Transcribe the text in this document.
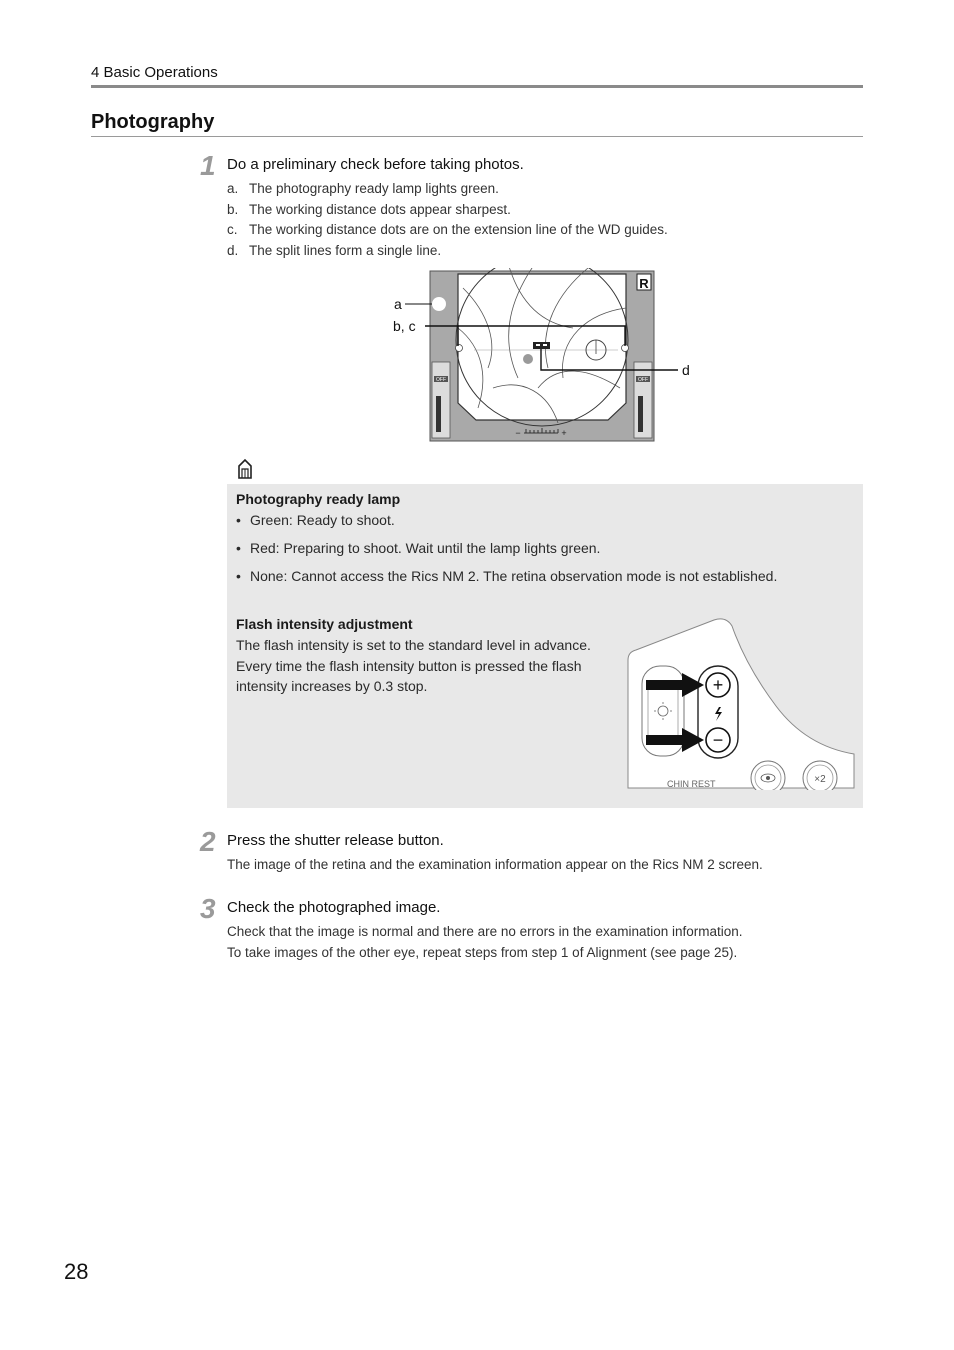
4 Basic Operations
Photography
1 Do a preliminary check before taking photos.
a. The photography ready lamp lights green.
b. The working distance dots appear sharpest.
c. The working distance dots are on the extension line of the WD guides.
d. The split lines form a single line.
OFF	OFF
R
−	+
a
b, c
d
Photography ready lamp
• Green: Ready to shoot.
• Red: Preparing to shoot. Wait until the lamp lights green.
• None: Cannot access the Rics NM 2. The retina observation mode is not established.
Flash intensity adjustment
The flash intensity is set to the standard level in advance.
Every time the flash intensity button is pressed the flash
intensity increases by 0.3 stop.	+
−
×2
CHIN REST
2 Press the shutter release button.
The image of the retina and the examination information appear on the Rics NM 2 screen.
3 Check the photographed image.
Check that the image is normal and there are no errors in the examination information.
To take images of the other eye, repeat steps from step 1 of Alignment (see page 25).
28
